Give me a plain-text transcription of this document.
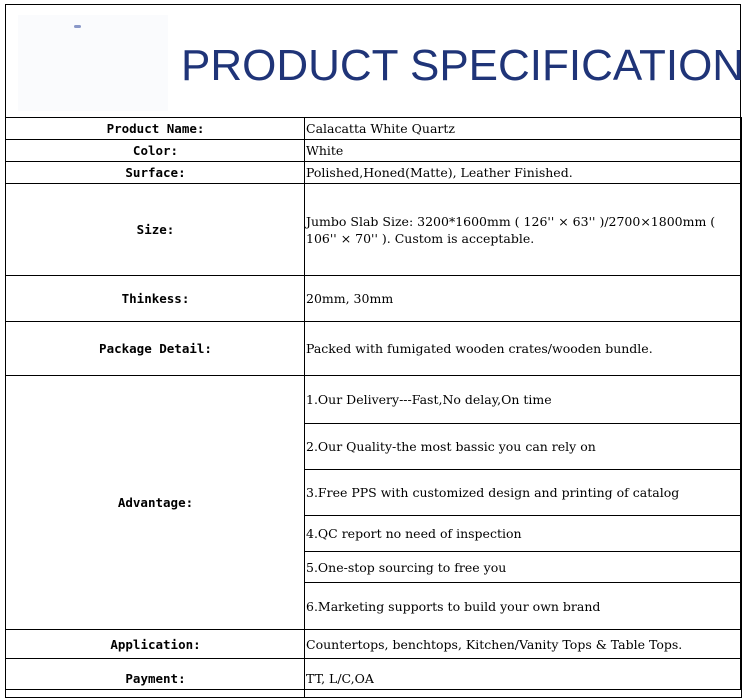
PRODUCT SPECIFICATION
Product Name:	Calacatta White Quartz
Color:	White
Surface:	Polished,Honed(Matte), Leather Finished.
Size:	Jumbo Slab Size: 3200*1600mm ( 126'' × 63'' )/2700×1800mm ( 106'' × 70'' ). Custom is acceptable.
Thinkess:	20mm, 30mm
Package Detail:	Packed with fumigated wooden crates/wooden bundle.
Advantage:	1.Our Delivery---Fast,No delay,On time
	2.Our Quality-the most bassic you can rely on
	3.Free PPS with customized design and printing of catalog
	4.QC report no need of inspection
	5.One-stop sourcing to free you
	6.Marketing supports to build your own brand
Application:	Countertops, benchtops, Kitchen/Vanity Tops & Table Tops.
Payment:	TT, L/C,OA
